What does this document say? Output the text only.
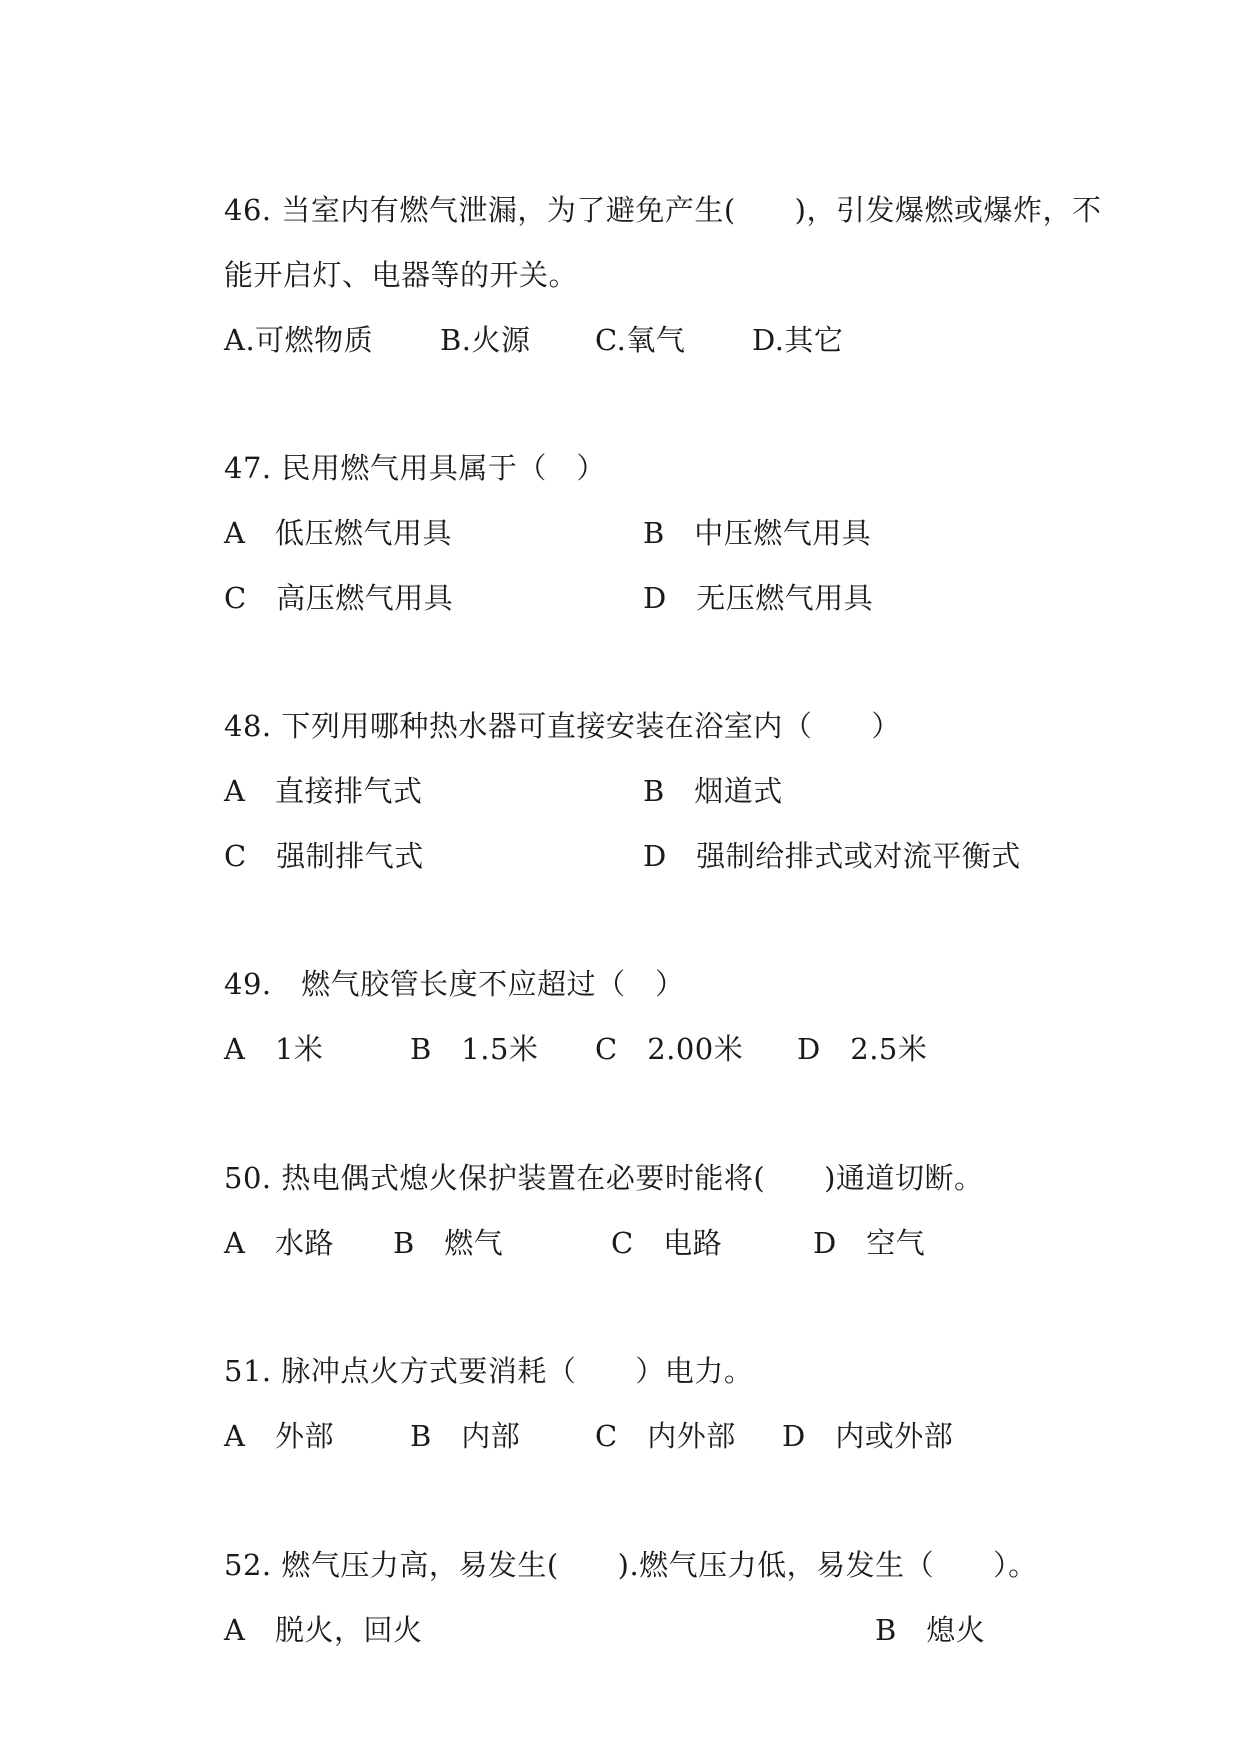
46. 当室内有燃气泄漏，为了避免产生(　　)，引发爆燃或爆炸，不
能开启灯、电器等的开关。
A.可燃物质 B.火源 C.氧气 D.其它
47. 民用燃气用具属于（　）
A　低压燃气用具	B　中压燃气用具
C　高压燃气用具	D　无压燃气用具
48. 下列用哪种热水器可直接安装在浴室内（　　）
A　直接排气式	B　烟道式
C　强制排气式	D　强制给排式或对流平衡式
49.　燃气胶管长度不应超过（　）
A　1米	B　1.5米 C　2.00米 D　2.5米
50. 热电偶式熄火保护装置在必要时能将(　　)通道切断。
A　水路 B　燃气	C　电路	D　空气
51. 脉冲点火方式要消耗（　　）电力。
A　外部	B　内部	C　内外部 D　内或外部
52. 燃气压力高，易发生(　　).燃气压力低，易发生（　　）。
A　脱火，回火	B　熄火
